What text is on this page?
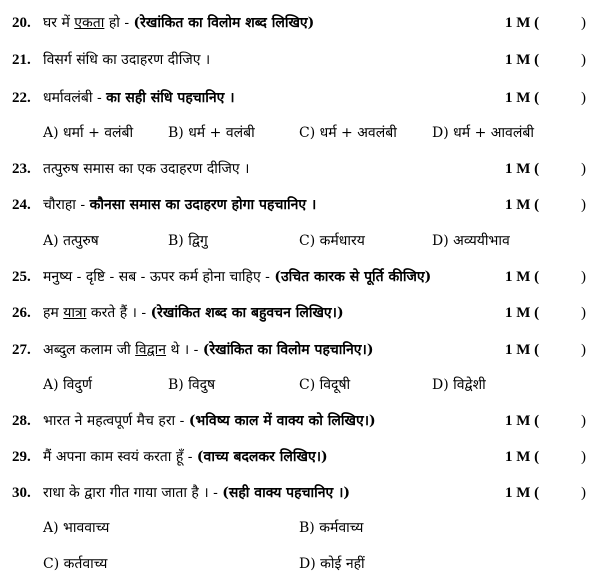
20. घर में एकता हो - (रेखांकित का विलोम शब्द लिखिए)	1 M (	)
21. विसर्ग संधि का उदाहरण दीजिए ।	1 M (	)
22. धर्मावलंबी - का सही संधि पहचानिए ।	1 M (	)
A) धर्मा + वलंबी B) धर्म + वलंबी	C) धर्म + अवलंबी	D) धर्म + आवलंबी
23. तत्पुरुष समास का एक उदाहरण दीजिए ।	1 M (	)
24. चौराहा - कौनसा समास का उदाहरण होगा पहचानिए ।	1 M (	)
A) तत्पुरुष	B) द्विगु	C) कर्मधारय	D) अव्ययीभाव
25. मनुष्य - दृष्टि - सब - ऊपर कर्म होना चाहिए - (उचित कारक से पूर्ति कीजिए)	1 M (	)
26. हम यात्रा करते हैं । - (रेखांकित शब्द का बहुवचन लिखिए।)	1 M (	)
27. अब्दुल कलाम जी विद्वान थे । - (रेखांकित का विलोम पहचानिए।)	1 M (	)
A) विदुर्ण	B) विदुष	C) विदूषी	D) विद्वेशी
28. भारत ने महत्वपूर्ण मैच हरा - (भविष्य काल में वाक्य को लिखिए।)	1 M (	)
29. मैं अपना काम स्वयं करता हूँ - (वाच्य बदलकर लिखिए।)	1 M (	)
30. राधा के द्वारा गीत गाया जाता है । - (सही वाक्य पहचानिए ।)	1 M (	)
A) भाववाच्य	B) कर्मवाच्य
C) कर्तवाच्य	D) कोई नहीं
